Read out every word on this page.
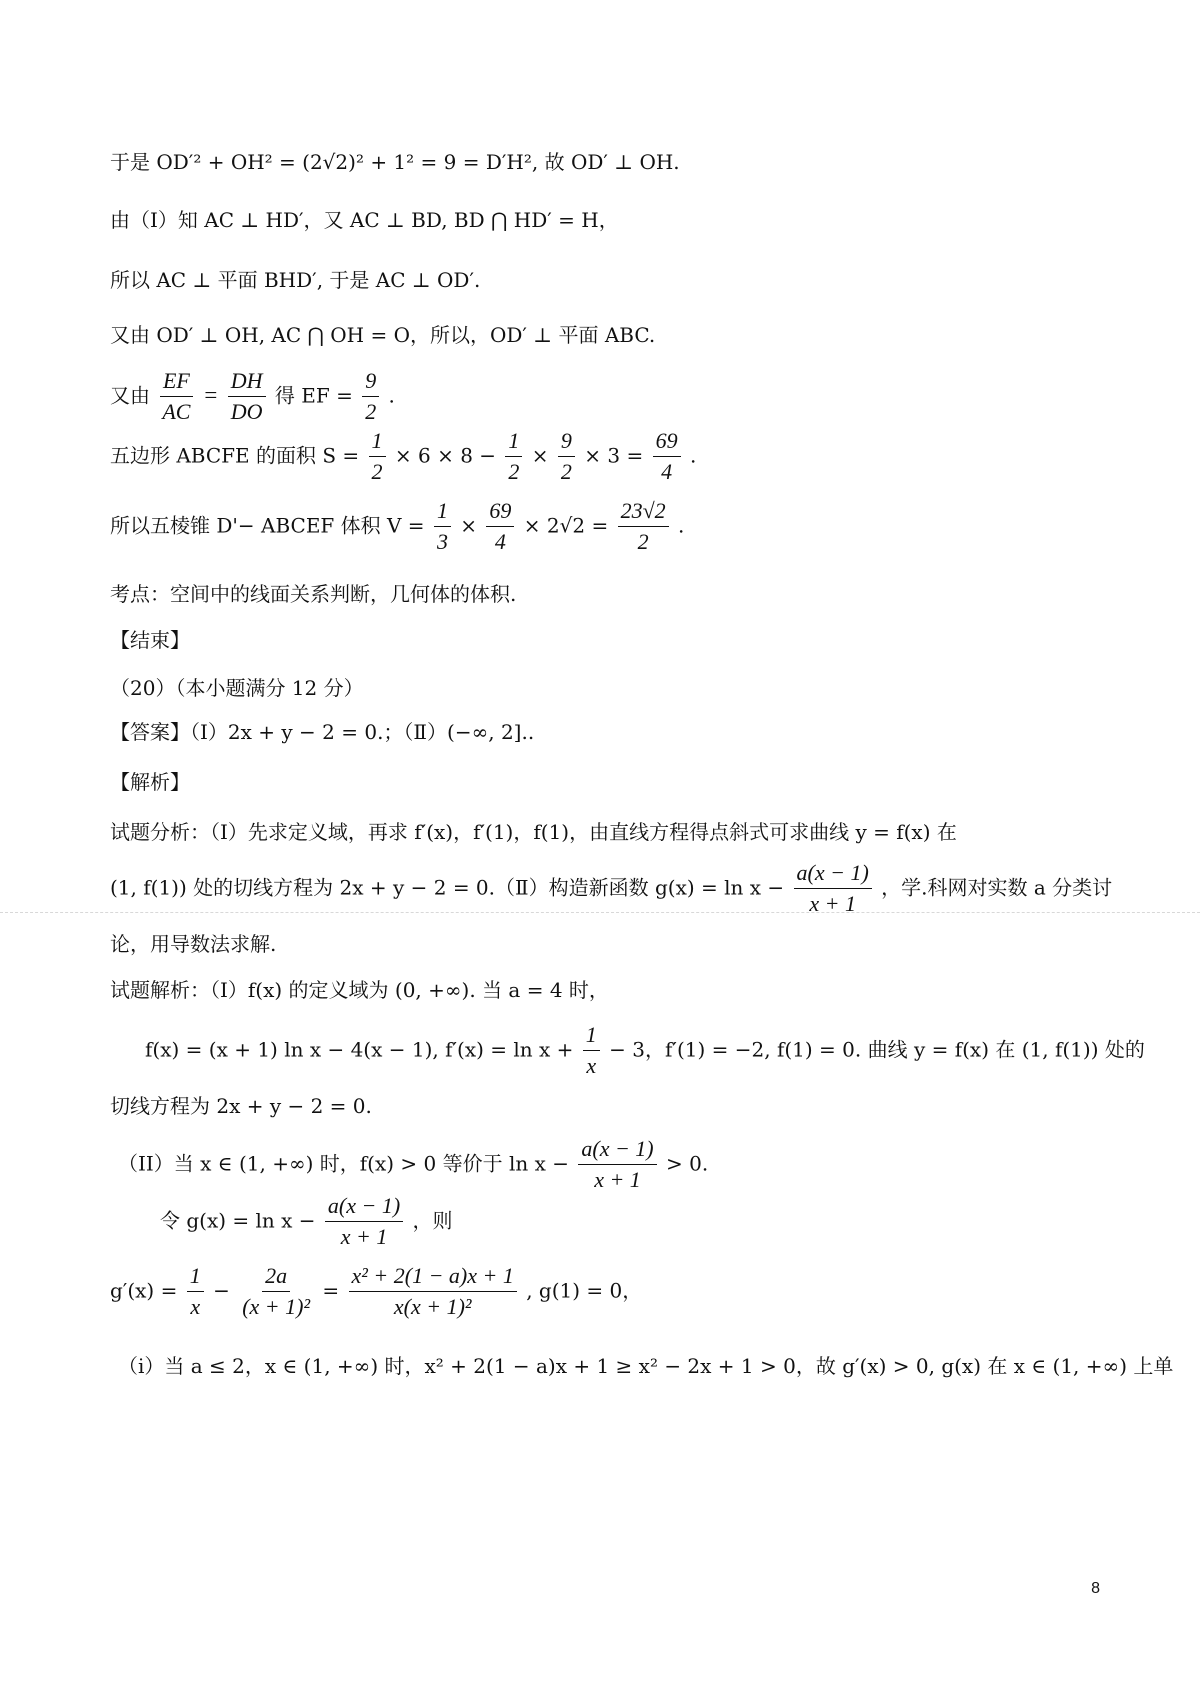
于是 OD′² + OH² = (2√2)² + 1² = 9 = D′H², 故 OD′ ⊥ OH.
由（I）知 AC ⊥ HD′，又 AC ⊥ BD, BD ⋂ HD′ = H，
所以 AC ⊥ 平面 BHD′, 于是 AC ⊥ OD′.
又由 OD′ ⊥ OH, AC ⋂ OH = O，所以，OD′ ⊥ 平面 ABC.
又由 $\frac{EF}{AC} = \frac{DH}{DO}$ 得 EF = $\frac{9}{2}$ .
五边形 ABCFE 的面积 $S = \frac{1}{2} \times 6 \times 8 - \frac{1}{2} \times \frac{9}{2} \times 3 = \frac{69}{4}$ .
所以五棱锥 D'− ABCEF 体积 $V = \frac{1}{3} \times \frac{69}{4} \times 2√2 = \frac{23√2}{2}$ .
考点：空间中的线面关系判断，几何体的体积.
【结束】
（20）（本小题满分 12 分）
【答案】（Ⅰ）2x + y − 2 = 0.；（Ⅱ）(−∞, 2]..
【解析】
试题分析：（Ⅰ）先求定义域，再求 f′(x)，f′(1)，f(1)，由直线方程得点斜式可求曲线 y = f(x) 在
(1, f(1)) 处的切线方程为 2x + y − 2 = 0.（Ⅱ）构造新函数 $g(x) = \ln x - \frac{a(x - 1)}{x + 1}$ ，学.科网对实数 a 分类讨
论，用导数法求解.
试题解析：（I）f(x) 的定义域为 (0, +∞). 当 a = 4 时，
f(x) = (x + 1) ln x − 4(x − 1), $f'(x) = \ln x + \frac{1}{x} - 3$，f′(1) = −2, f(1) = 0. 曲线 y = f(x) 在 (1, f(1)) 处的
切线方程为 2x + y − 2 = 0.
（II）当 x ∈ (1, +∞) 时，f(x) > 0 等价于 $\ln x - \frac{a(x - 1)}{x + 1} > 0$.
令 $g(x) = \ln x - \frac{a(x - 1)}{x + 1}$ ，则
$g'(x) = \frac{1}{x} - \frac{2a}{\text{(x + 1)²}} = \frac{\text{x² + 2(1 − a)x + 1}}{\text{x(x + 1)²}}$ , g(1) = 0，
（i）当 a ≤ 2，x ∈ (1, +∞) 时，x² + 2(1 − a)x + 1 ≥ x² − 2x + 1 > 0，故 g′(x) > 0, g(x) 在 x ∈ (1, +∞) 上单
8
